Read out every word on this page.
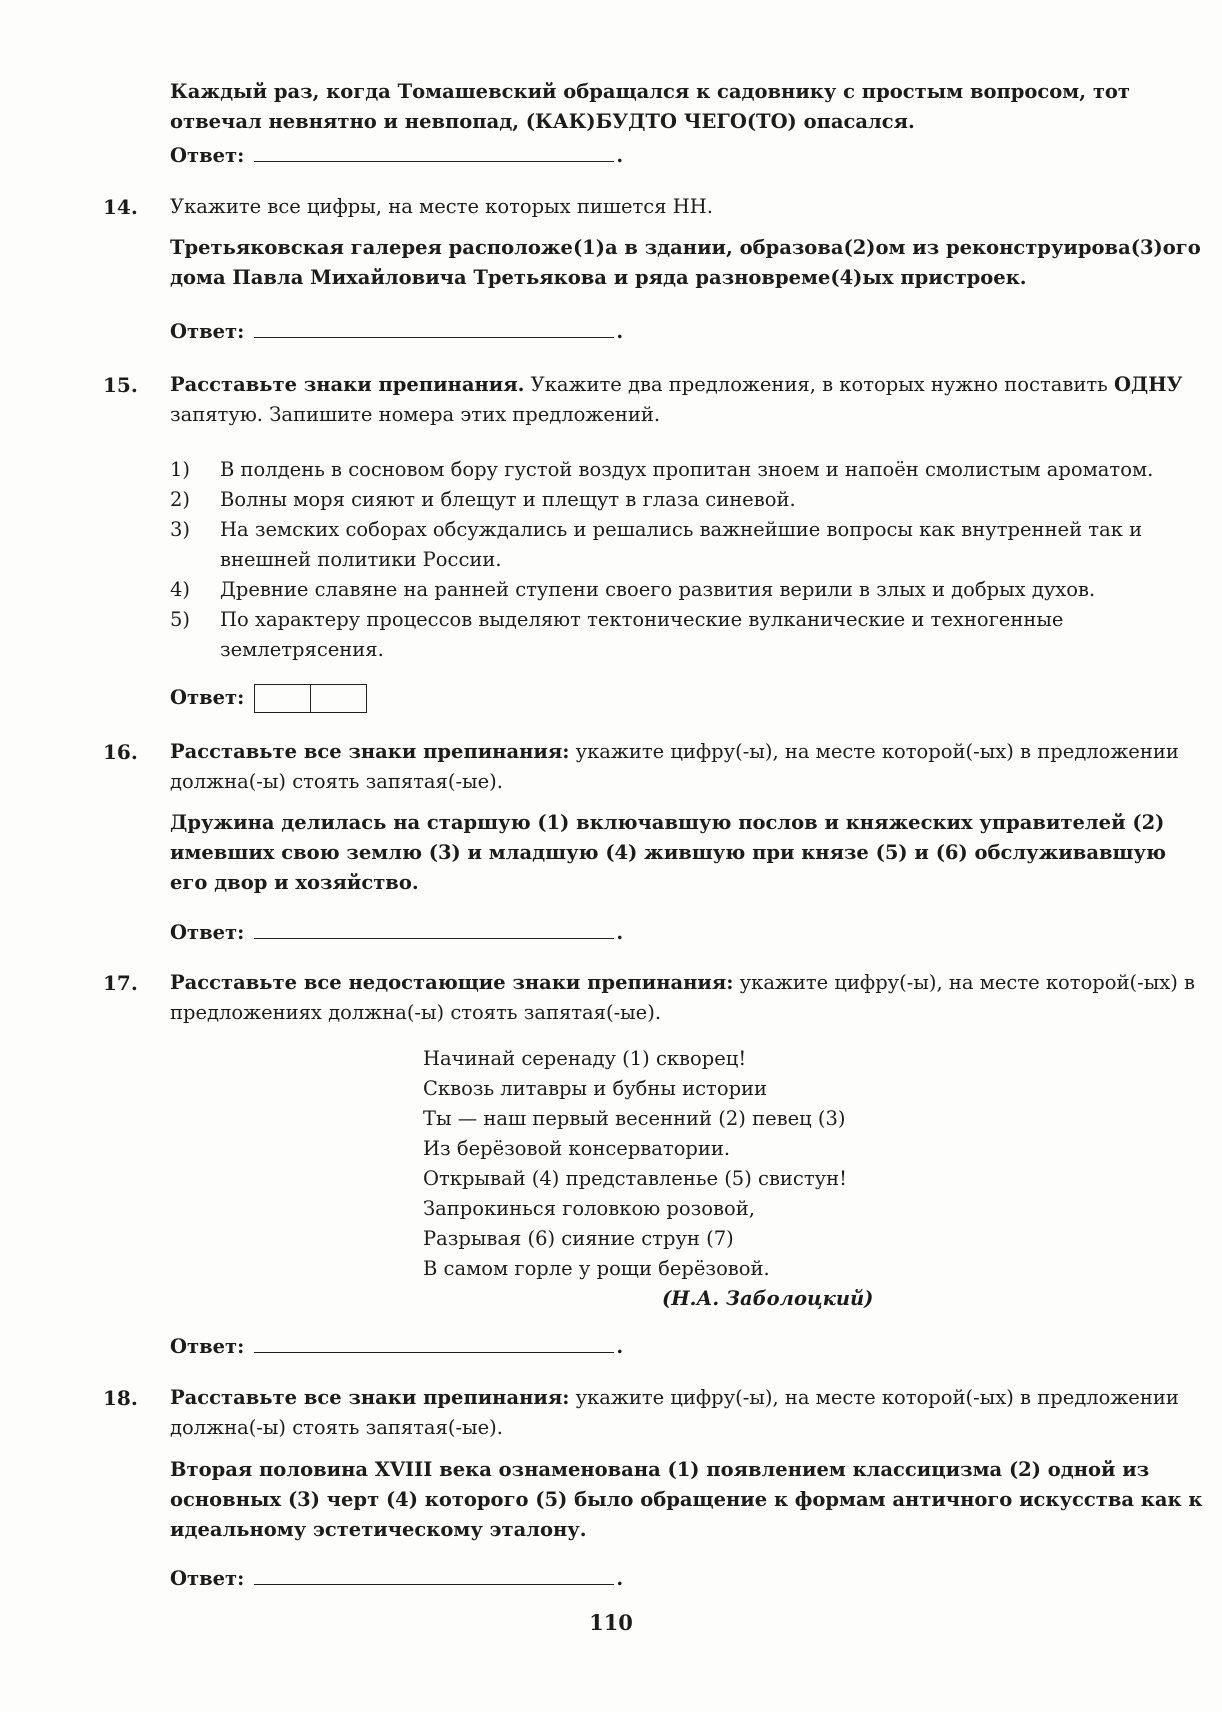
Каждый раз, когда Томашевский обращался к садовнику с простым вопросом, тот отвечал невнятно и невпопад, (КАК)БУДТО ЧЕГО(ТО) опасался.

Ответ:	.
14. Укажите все цифры, на месте которых пишется НН.

Третьяковская галерея расположе(1)а в здании, образова(2)ом из реконструирова(3)ого дома Павла Михайловича Третьякова и ряда разновреме(4)ых пристроек.

Ответ:	.
15. Расставьте знаки препинания. Укажите два предложения, в которых нужно поставить ОДНУ запятую. Запишите номера этих предложений.

1) В полдень в сосновом бору густой воздух пропитан зноем и напоён смолистым ароматом.
2) Волны моря сияют и блещут и плещут в глаза синевой.
3) На земских соборах обсуждались и решались важнейшие вопросы как внутренней так и внешней политики России.
4) Древние славяне на ранней ступени своего развития верили в злых и добрых духов.
5) По характеру процессов выделяют тектонические вулканические и техногенные землетрясения.
Ответ:
16. Расставьте все знаки препинания: укажите цифру(-ы), на месте которой(-ых) в предложении должна(-ы) стоять запятая(-ые).

Дружина делилась на старшую (1) включавшую послов и княжеских управителей (2) имевших свою землю (3) и младшую (4) жившую при князе (5) и (6) обслуживавшую его двор и хозяйство.

Ответ:	.
17. Расставьте все недостающие знаки препинания: укажите цифру(-ы), на месте которой(-ых) в предложениях должна(-ы) стоять запятая(-ые).

Начинай серенаду (1) скворец!
Сквозь литавры и бубны истории
Ты — наш первый весенний (2) певец (3)
Из берёзовой консерватории.
Открывай (4) представленье (5) свистун!
Запрокинься головкою розовой,
Разрывая (6) сияние струн (7)
В самом горле у рощи берёзовой.
(Н.А. Заболоцкий)
Ответ:	.
18. Расставьте все знаки препинания: укажите цифру(-ы), на месте которой(-ых) в предложении должна(-ы) стоять запятая(-ые).

Вторая половина XVIII века ознаменована (1) появлением классицизма (2) одной из основных (3) черт (4) которого (5) было обращение к формам античного искусства как к идеальному эстетическому эталону.

Ответ:	.
110
